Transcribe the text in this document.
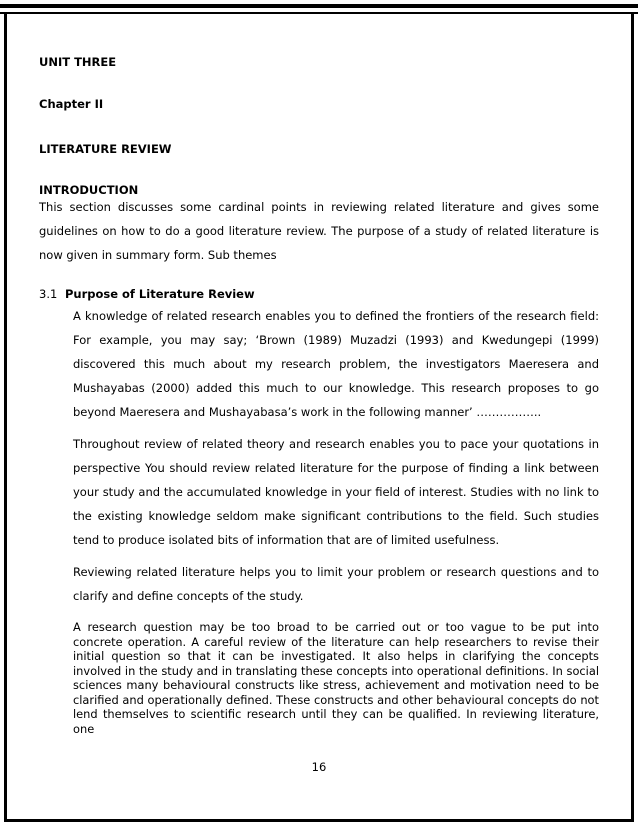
UNIT THREE
Chapter II
LITERATURE REVIEW
INTRODUCTION
This section discusses some cardinal points in reviewing related literature and gives some guidelines on how to do a good literature review. The purpose of a study of related literature is now given in summary form. Sub themes
3.1 Purpose of Literature Review
A knowledge of related research enables you to defined the frontiers of the research field: For example, you may say; ‘Brown (1989) Muzadzi (1993) and Kwedungepi (1999) discovered this much about my research problem, the investigators Maeresera and Mushayabas (2000) added this much to our knowledge. This research proposes to go beyond Maeresera and Mushayabasa’s work in the following manner’ ……………..
Throughout review of related theory and research enables you to pace your quotations in perspective You should review related literature for the purpose of finding a link between your study and the accumulated knowledge in your field of interest. Studies with no link to the existing knowledge seldom make significant contributions to the field. Such studies tend to produce isolated bits of information that are of limited usefulness.
Reviewing related literature helps you to limit your problem or research questions and to clarify and define concepts of the study.
A research question may be too broad to be carried out or too vague to be put into concrete operation. A careful review of the literature can help researchers to revise their initial question so that it can be investigated. It also helps in clarifying the concepts involved in the study and in translating these concepts into operational definitions. In social sciences many behavioural constructs like stress, achievement and motivation need to be clarified and operationally defined. These constructs and other behavioural concepts do not lend themselves to scientific research until they can be qualified. In reviewing literature, one
16
